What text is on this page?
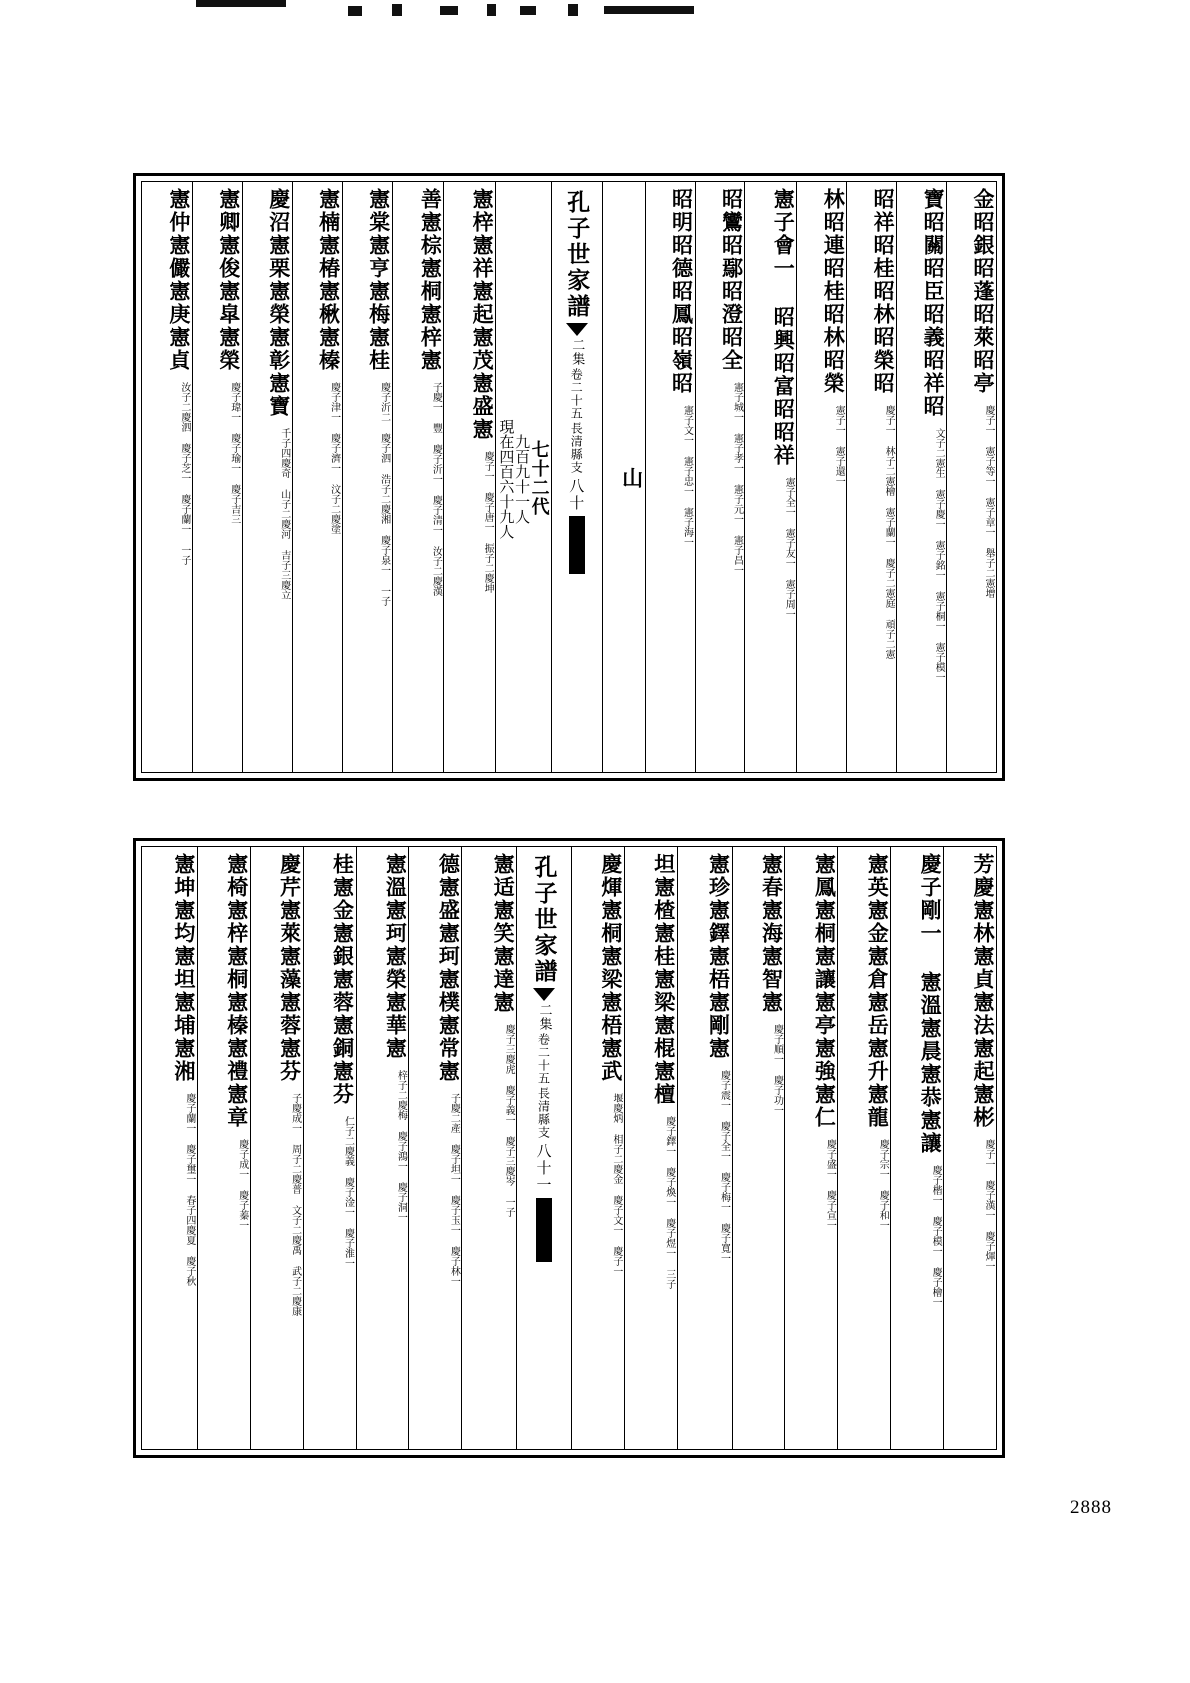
金昭銀昭蓬昭萊昭亭
慶子一 憲子等一 憲子章一 舉子二憲增
寶昭關昭臣昭義昭祥昭
文子二憲生 憲子慶一 憲子銘一 憲子桐一 憲子模一
昭祥昭桂昭林昭榮昭
慶子一 林子二憲檜 憲子蘭一 慶子二憲庭 頑子二憲
林昭連昭桂昭林昭榮
憲子一 憲子還一
憲子會一 昭興昭富昭昭祥
憲子全一 憲子友一 憲子周一
昭鸞昭鄢昭澄昭全
憲子城一 憲子孝一 憲子元一 憲子昌一
昭明昭德昭鳳昭嶺昭
憲子文一 憲子忠一 憲子海一
山
孔子世家譜
二集
卷二十五
長清縣支
八十
七十二代
九百九十一人
現在四百六十九人
憲梓憲祥憲起憲茂憲盛憲
慶子一 慶子唐一 振子二慶坤
善憲棕憲桐憲梓憲
子慶一 豐 慶子沂一 慶子清一 汝子二慶漢
憲棠憲亨憲梅憲桂
慶子沂二 慶子泗 浩子二慶湘 慶子泉一 一子
憲楠憲椿憲楸憲榛
慶子津一 慶子濟一 汶子二慶塗
慶沼憲栗憲榮憲彰憲寶
千子四慶奇 山子二慶河 吉子三慶立
憲卿憲俊憲皐憲榮
慶子瑋一 慶子瑜一 慶子吉三
憲仲憲儼憲庚憲貞
汝子二慶泗 慶子芝一 慶子蘭一 一子
芳慶憲林憲貞憲法憲起憲彬
慶子一 慶子漢一 慶子煇一
慶子剛一 憲溫憲晨憲恭憲讓
慶子楷一 慶子模一 慶子檜一
憲英憲金憲倉憲岳憲升憲龍
慶子宗一 慶子和一
憲鳳憲桐憲讓憲亭憲強憲仁
慶子盛一 慶子宣一
憲春憲海憲智憲
慶子順一 慶子功一
憲珍憲鐸憲梧憲剛憲
慶子震一 慶子全一 慶子梅一 慶子寬一
坦憲楂憲桂憲梁憲棍憲檀
慶子鐸一 慶子煥一 慶子煜一 三子
慶煇憲桐憲梁憲梧憲武
堰慶炳 相子二慶金 慶子文一 慶子一
孔子世家譜
二集
卷二十五
長清縣支
八十一
憲适憲笑憲達憲
慶子三慶虎 慶子義一 慶子三慶岑 一子
德憲盛憲珂憲樸憲常憲
子慶二產 慶子坦一 慶子玉一 慶子林一
憲溫憲珂憲榮憲華憲
梓子二慶梅 慶子鴻一 慶子洞一
桂憲金憲銀憲蓉憲銅憲芬
仁子二慶義 慶子淦一 慶子淮一
慶芹憲萊憲藻憲蓉憲芬
子慶成一 周子二慶普 文子二慶禹 武子二慶康
憲椅憲梓憲桐憲榛憲禮憲章
慶子成一 慶子蓁一
憲坤憲均憲坦憲埔憲湘
慶子蘭一 慶子璽一 春子四慶夏 慶子秋
2888
